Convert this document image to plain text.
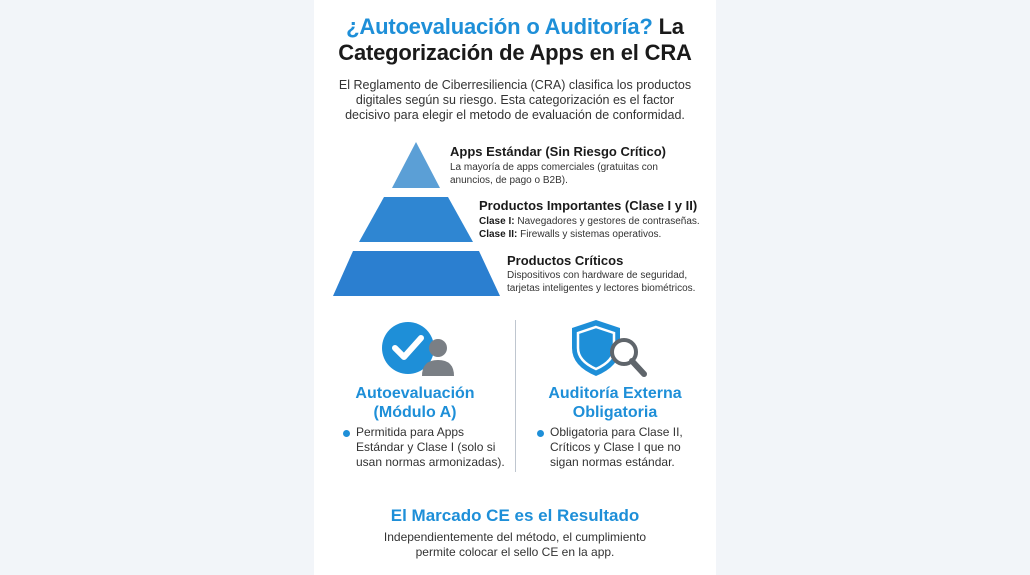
¿Autoevaluación o Auditoría? La
Categorización de Apps en el CRA
El Reglamento de Ciberresiliencia (CRA) clasifica los productos digitales según su riesgo. Esta categorización es el factor decisivo para elegir el metodo de evaluación de conformidad.
Apps Estándar (Sin Riesgo Crítico)
La mayoría de apps comerciales (gratuitas con
anuncios, de pago o B2B).
Productos Importantes (Clase I y II)
Clase I: Navegadores y gestores de contraseñas.
Clase II: Firewalls y sistemas operativos.
Productos Críticos
Dispositivos con hardware de seguridad,
tarjetas inteligentes y lectores biométricos.
Autoevaluación
(Módulo A)
Permitida para Apps
Estándar y Clase I (solo si
usan normas armonizadas).
Auditoría Externa
Obligatoria
Obligatoria para Clase II,
Críticos y Clase I que no
sigan normas estándar.
El Marcado CE es el Resultado
Independientemente del método, el cumplimiento
permite colocar el sello CE en la app.
